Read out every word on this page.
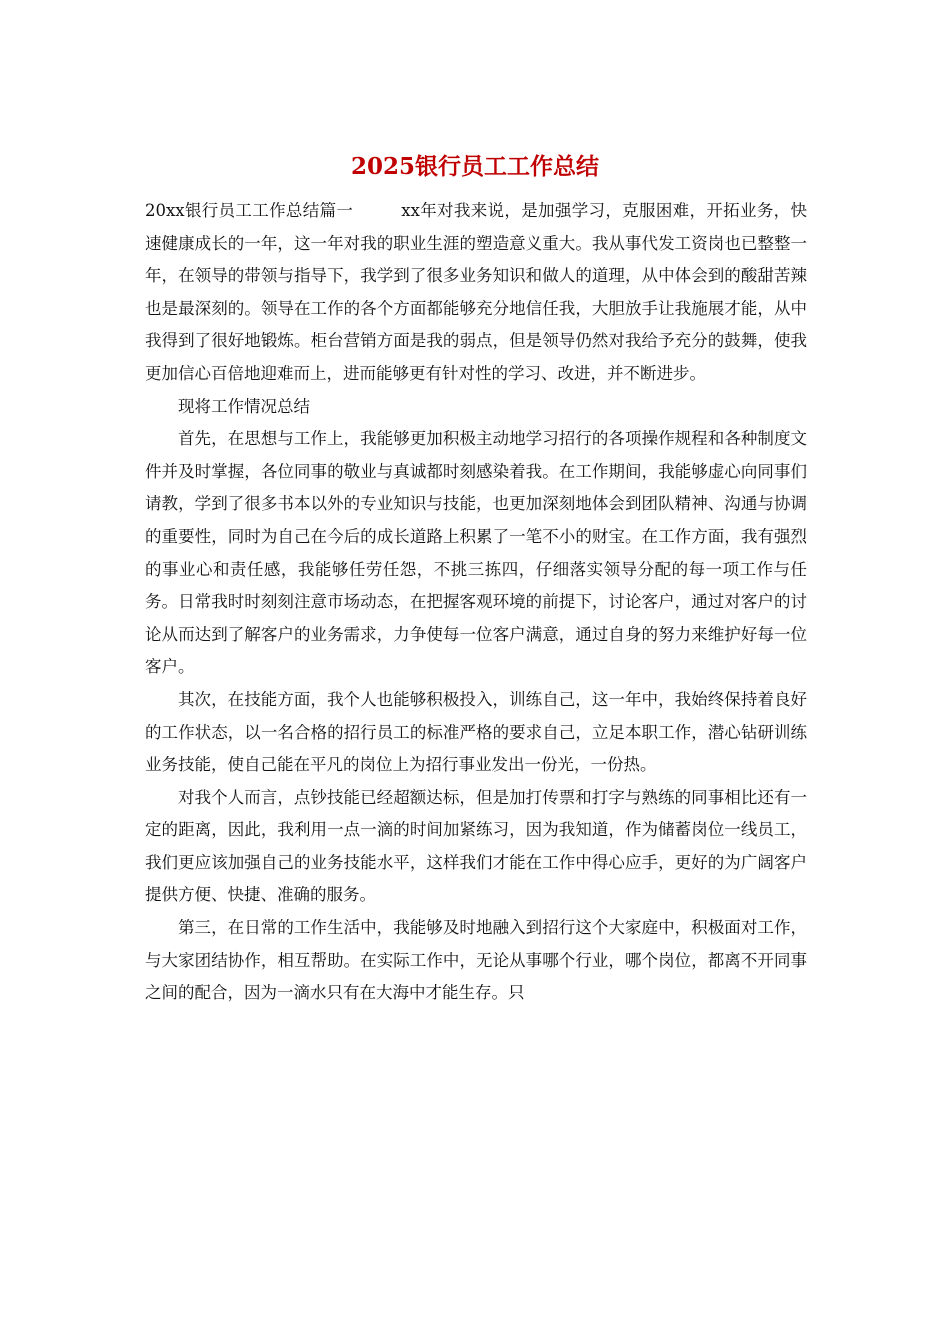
2025银行员工工作总结

20xx银行员工工作总结篇一	xx年对我来说，是加强学习，克服困难，开拓业务，快速健康成长的一年，这一年对我的职业生涯的塑造意义重大。我从事代发工资岗也已整整一年，在领导的带领与指导下，我学到了很多业务知识和做人的道理，从中体会到的酸甜苦辣也是最深刻的。领导在工作的各个方面都能够充分地信任我，大胆放手让我施展才能，从中我得到了很好地锻炼。柜台营销方面是我的弱点，但是领导仍然对我给予充分的鼓舞，使我更加信心百倍地迎难而上，进而能够更有针对性的学习、改进，并不断进步。

现将工作情况总结

首先，在思想与工作上，我能够更加积极主动地学习招行的各项操作规程和各种制度文件并及时掌握，各位同事的敬业与真诚都时刻感染着我。在工作期间，我能够虚心向同事们请教，学到了很多书本以外的专业知识与技能，也更加深刻地体会到团队精神、沟通与协调的重要性，同时为自己在今后的成长道路上积累了一笔不小的财宝。在工作方面，我有强烈的事业心和责任感，我能够任劳任怨，不挑三拣四，仔细落实领导分配的每一项工作与任务。日常我时时刻刻注意市场动态，在把握客观环境的前提下，讨论客户，通过对客户的讨论从而达到了解客户的业务需求，力争使每一位客户满意，通过自身的努力来维护好每一位客户。

其次，在技能方面，我个人也能够积极投入，训练自己，这一年中，我始终保持着良好的工作状态，以一名合格的招行员工的标准严格的要求自己，立足本职工作，潜心钻研训练业务技能，使自己能在平凡的岗位上为招行事业发出一份光，一份热。

对我个人而言，点钞技能已经超额达标，但是加打传票和打字与熟练的同事相比还有一定的距离，因此，我利用一点一滴的时间加紧练习，因为我知道，作为储蓄岗位一线员工，我们更应该加强自己的业务技能水平，这样我们才能在工作中得心应手，更好的为广阔客户提供方便、快捷、准确的服务。

第三，在日常的工作生活中，我能够及时地融入到招行这个大家庭中，积极面对工作，与大家团结协作，相互帮助。在实际工作中，无论从事哪个行业，哪个岗位，都离不开同事之间的配合，因为一滴水只有在大海中才能生存。只
